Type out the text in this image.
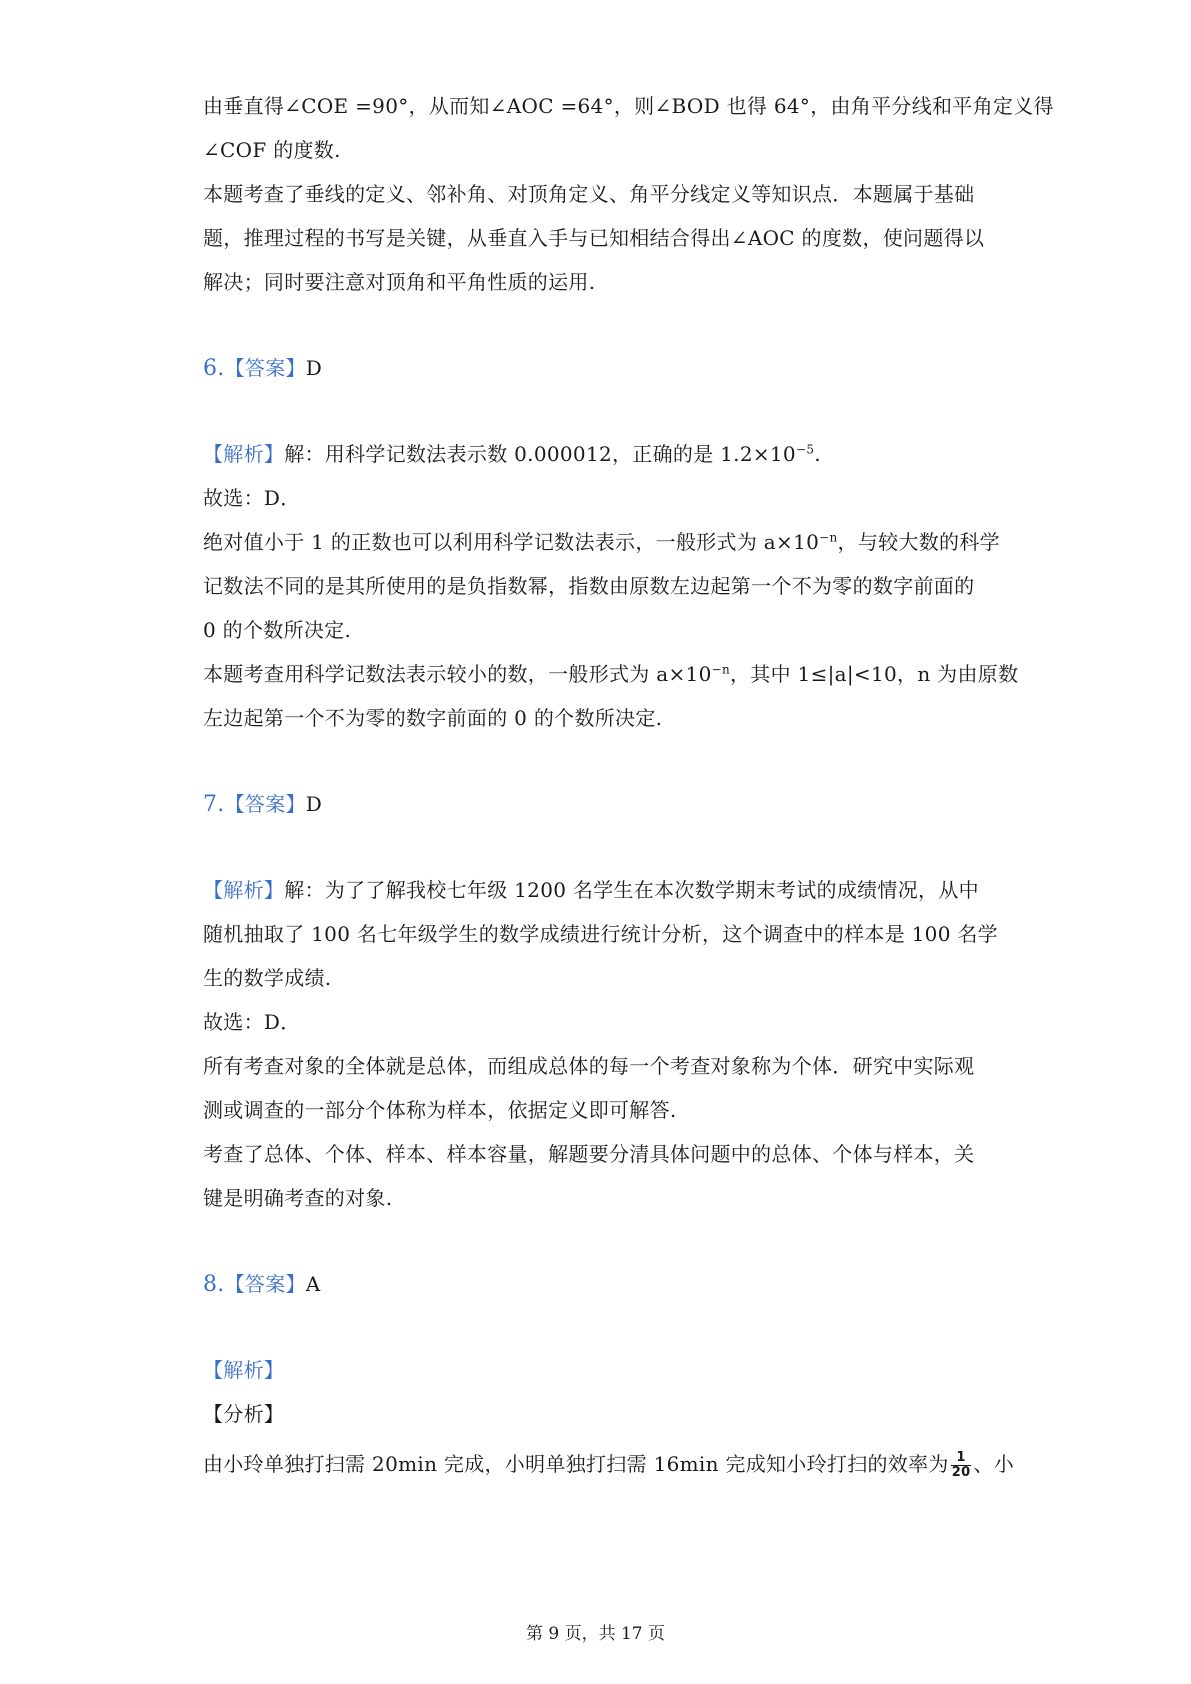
由垂直得∠COE =90°，从而知∠AOC =64°，则∠BOD 也得 64°，由角平分线和平角定义得
∠COF 的度数.
本题考查了垂线的定义、邻补角、对顶角定义、角平分线定义等知识点．本题属于基础
题，推理过程的书写是关键，从垂直入手与已知相结合得出∠AOC 的度数，使问题得以
解决；同时要注意对顶角和平角性质的运用.
6.【答案】D
【解析】解：用科学记数法表示数 0.000012，正确的是 $1.2\times 10^{-5}$.
故选：D．
绝对值小于 1 的正数也可以利用科学记数法表示，一般形式为 $a\times 10^{-n}$，与较大数的科学
记数法不同的是其所使用的是负指数幂，指数由原数左边起第一个不为零的数字前面的
0 的个数所决定.
本题考查用科学记数法表示较小的数，一般形式为 $a\times 10^{-n}$，其中 1≤|a|<10，n 为由原数
左边起第一个不为零的数字前面的 0 的个数所决定.
7.【答案】D
【解析】解：为了了解我校七年级 1200 名学生在本次数学期末考试的成绩情况，从中
随机抽取了 100 名七年级学生的数学成绩进行统计分析，这个调查中的样本是 100 名学
生的数学成绩.
故选：D．
所有考查对象的全体就是总体，而组成总体的每一个考查对象称为个体．研究中实际观
测或调查的一部分个体称为样本，依据定义即可解答.
考查了总体、个体、样本、样本容量，解题要分清具体问题中的总体、个体与样本，关
键是明确考查的对象.
8.【答案】A
【解析】
【分析】
由小玲单独打扫需 20min 完成，小明单独打扫需 16min 完成知小玲打扫的效率为 $\frac{1}{20}$ 、小
第 9 页，共 17 页
